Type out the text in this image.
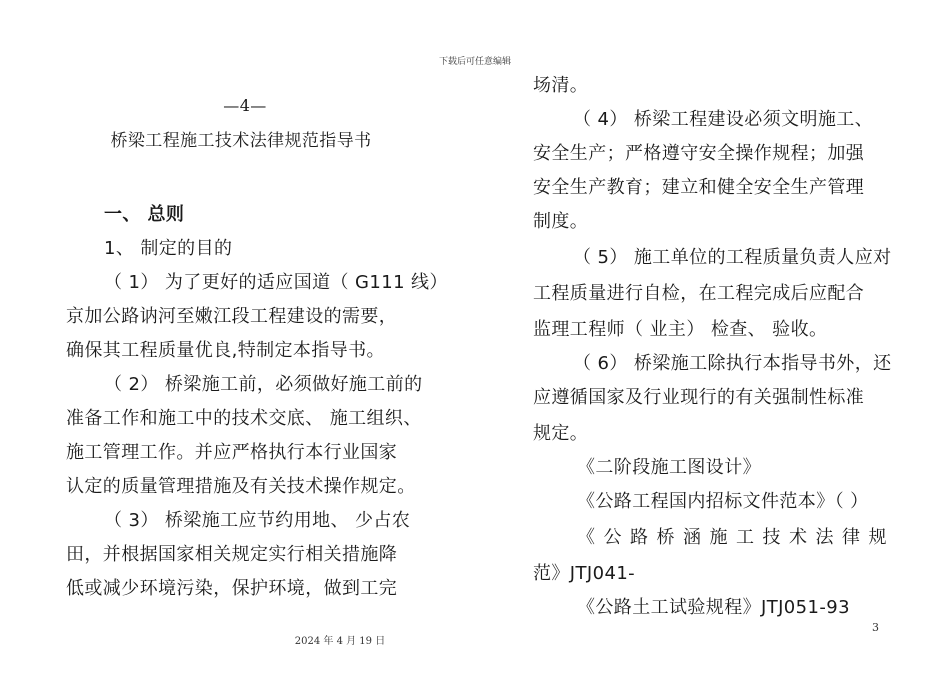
下载后可任意编辑
—4—
桥梁工程施工技术法律规范指导书
一、 总则
1、 制定的目的
（ 1） 为了更好的适应国道（ G111 线）
京加公路讷河至嫩江段工程建设的需要，
确保其工程质量优良,特制定本指导书。
（ 2） 桥梁施工前，必须做好施工前的
准备工作和施工中的技术交底、 施工组织、
施工管理工作。并应严格执行本行业国家
认定的质量管理措施及有关技术操作规定。
（ 3） 桥梁施工应节约用地、 少占农
田，并根据国家相关规定实行相关措施降
低或减少环境污染，保护环境，做到工完
场清。
（ 4） 桥梁工程建设必须文明施工、
安全生产；严格遵守安全操作规程；加强
安全生产教育；建立和健全安全生产管理
制度。
（ 5） 施工单位的工程质量负责人应对
工程质量进行自检，在工程完成后应配合
监理工程师（ 业主） 检查、 验收。
（ 6） 桥梁施工除执行本指导书外，还
应遵循国家及行业现行的有关强制性标准
规定。
《二阶段施工图设计》
《公路工程国内招标文件范本》（ ）
《公路桥涵施工技术法律规
范》JTJ041-
《公路土工试验规程》JTJ051-93
2024 年 4 月 19 日
3
